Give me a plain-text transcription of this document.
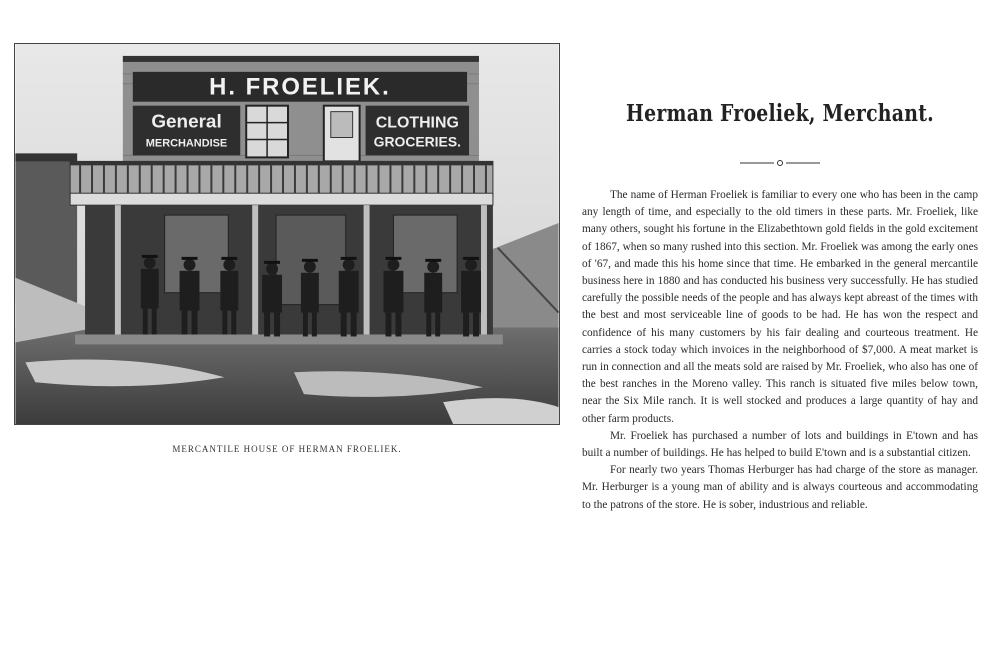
H. FROELIEK.
General
MERCHANDISE
CLOTHING
GROCERIES.
MERCANTILE HOUSE OF HERMAN FROELIEK.
Herman Froeliek, Merchant.

The name of Herman Froeliek is familiar to every one who has been in the camp any length of time, and especially to the old timers in these parts. Mr. Froeliek, like many others, sought his fortune in the Elizabethtown gold fields in the gold excitement of 1867, when so many rushed into this section. Mr. Froeliek was among the early ones of '67, and made this his home since that time. He embarked in the general mercantile business here in 1880 and has conducted his business very successfully. He has studied carefully the possible needs of the people and has always kept abreast of the times with the best and most serviceable line of goods to be had. He has won the respect and confidence of his many customers by his fair dealing and courteous treatment. He carries a stock today which invoices in the neighborhood of $7,000. A meat market is run in connection and all the meats sold are raised by Mr. Froeliek, who also has one of the best ranches in the Moreno valley. This ranch is situated five miles below town, near the Six Mile ranch. It is well stocked and produces a large quantity of hay and other farm products.

Mr. Froeliek has purchased a number of lots and buildings in E'town and has built a number of buildings. He has helped to build E'town and is a substantial citizen.

For nearly two years Thomas Herburger has had charge of the store as manager. Mr. Herburger is a young man of ability and is always courteous and accommodating to the patrons of the store. He is sober, industrious and reliable.
